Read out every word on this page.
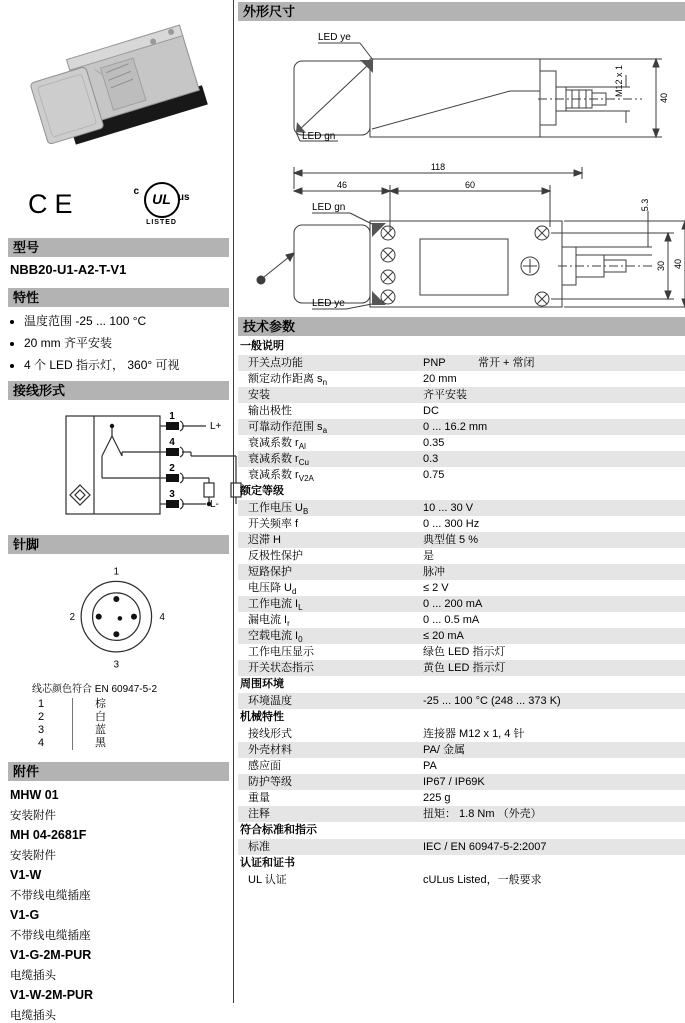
CE	c UL us
LISTED
型号
NBB20-U1-A2-T-V1
特性
• 温度范围 -25 ... 100 °C
• 20 mm 齐平安装
• 4 个 LED 指示灯， 360° 可视
接线形式
1
4
2
3
L+
L-
针脚
1
2
3
4
线芯颜色符合 EN 60947-5-2
1	棕
2	白
3	蓝
4	黑
附件
MHW 01
安装附件
MH 04-2681F
安装附件
V1-W
不带线电缆插座
V1-G
不带线电缆插座
V1-G-2M-PUR
电缆插头
V1-W-2M-PUR
电缆插头
外形尺寸
LED ye
LED gn
M12 x 1
40
118
46	60
5.3
30 40
LED gn
LED ye
技术参数
一般说明
开关点功能	PNP	常开 + 常闭
额定动作距离 $s_n$	20 mm
安装	齐平安装
输出极性	DC
可靠动作范围 $s_a$	0 ... 16.2 mm
衰减系数 $r_{Al}$	0.35
衰减系数 $r_{Cu}$	0.3
衰减系数 $r_{V2A}$	0.75
额定等级
工作电压 $U_B$	10 ... 30 V
开关频率 f	0 ... 300 Hz
迟滞 H	典型值 5 %
反极性保护	是
短路保护	脉冲
电压降 $U_d$	≤ 2 V
工作电流 $I_L$	0 ... 200 mA
漏电流 $I_r$	0 ... 0.5 mA
空载电流 $I_0$	≤ 20 mA
工作电压显示	绿色 LED 指示灯
开关状态指示	黄色 LED 指示灯
周围环境
环境温度	-25 ... 100 °C (248 ... 373 K)
机械特性
接线形式	连接器 M12 x 1, 4 针
外壳材料	PA/ 金属
感应面	PA
防护等级	IP67 / IP69K
重量	225 g
注释	扭矩： 1.8 Nm （外壳）
符合标准和指示
标准	IEC / EN 60947-5-2:2007
认证和证书
UL 认证	cULus Listed，一般要求
